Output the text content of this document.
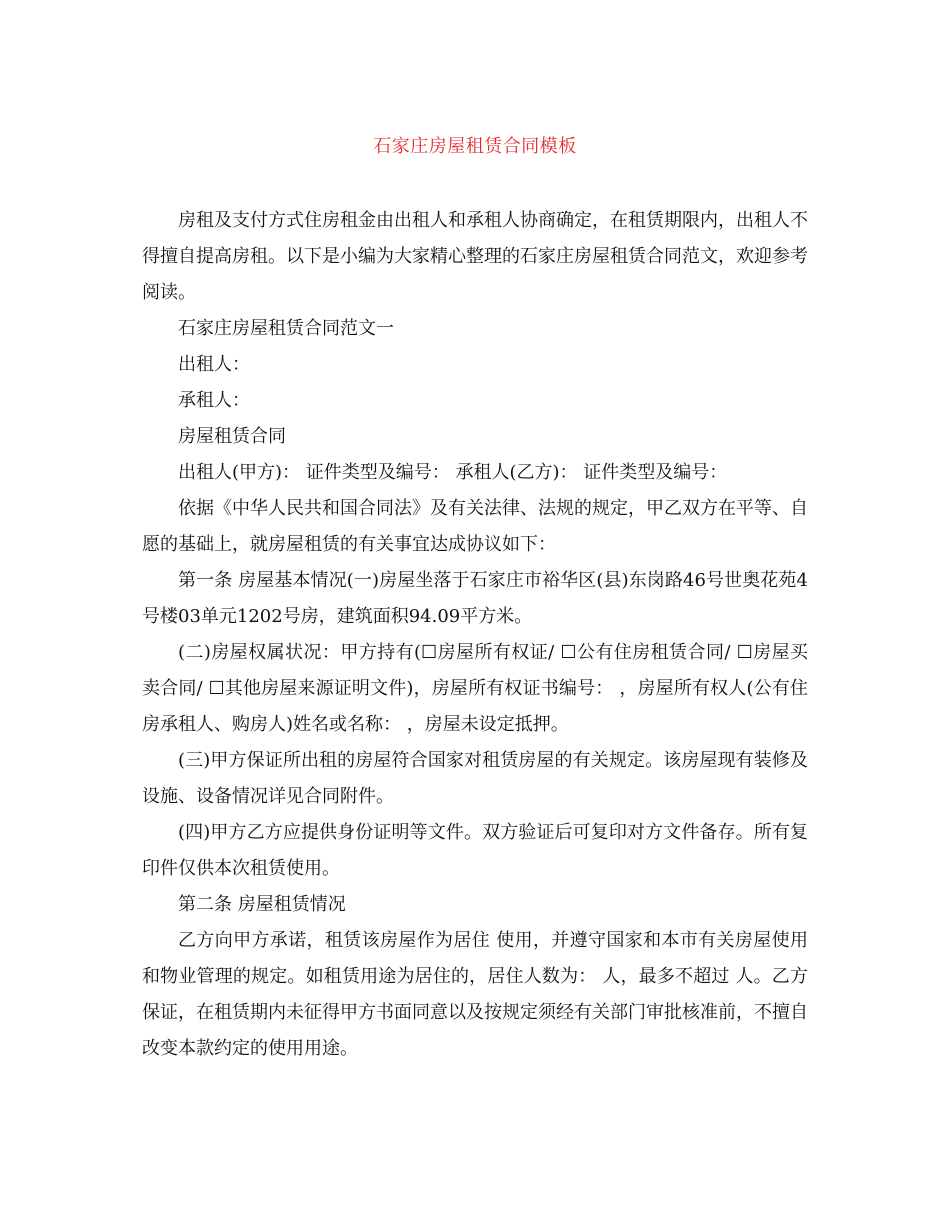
石家庄房屋租赁合同模板

房租及支付方式住房租金由出租人和承租人协商确定，在租赁期限内，出租人不得擅自提高房租。以下是小编为大家精心整理的石家庄房屋租赁合同范文，欢迎参考阅读。

石家庄房屋租赁合同范文一

出租人：

承租人：

房屋租赁合同

出租人(甲方)： 证件类型及编号： 承租人(乙方)： 证件类型及编号：

依据《中华人民共和国合同法》及有关法律、法规的规定，甲乙双方在平等、自愿的基础上，就房屋租赁的有关事宜达成协议如下：

第一条 房屋基本情况(一)房屋坐落于石家庄市裕华区(县)东岗路46号世奥花苑4号楼03单元1202号房，建筑面积94.09平方米。

(二)房屋权属状况：甲方持有(☐房屋所有权证/ ☐公有住房租赁合同/ ☐房屋买卖合同/ ☐其他房屋来源证明文件)，房屋所有权证书编号： ，房屋所有权人(公有住房承租人、购房人)姓名或名称： ，房屋未设定抵押。

(三)甲方保证所出租的房屋符合国家对租赁房屋的有关规定。该房屋现有装修及设施、设备情况详见合同附件。

(四)甲方乙方应提供身份证明等文件。双方验证后可复印对方文件备存。所有复印件仅供本次租赁使用。

第二条 房屋租赁情况

乙方向甲方承诺，租赁该房屋作为居住 使用，并遵守国家和本市有关房屋使用和物业管理的规定。如租赁用途为居住的，居住人数为： 人，最多不超过 人。乙方保证，在租赁期内未征得甲方书面同意以及按规定须经有关部门审批核准前，不擅自改变本款约定的使用用途。
